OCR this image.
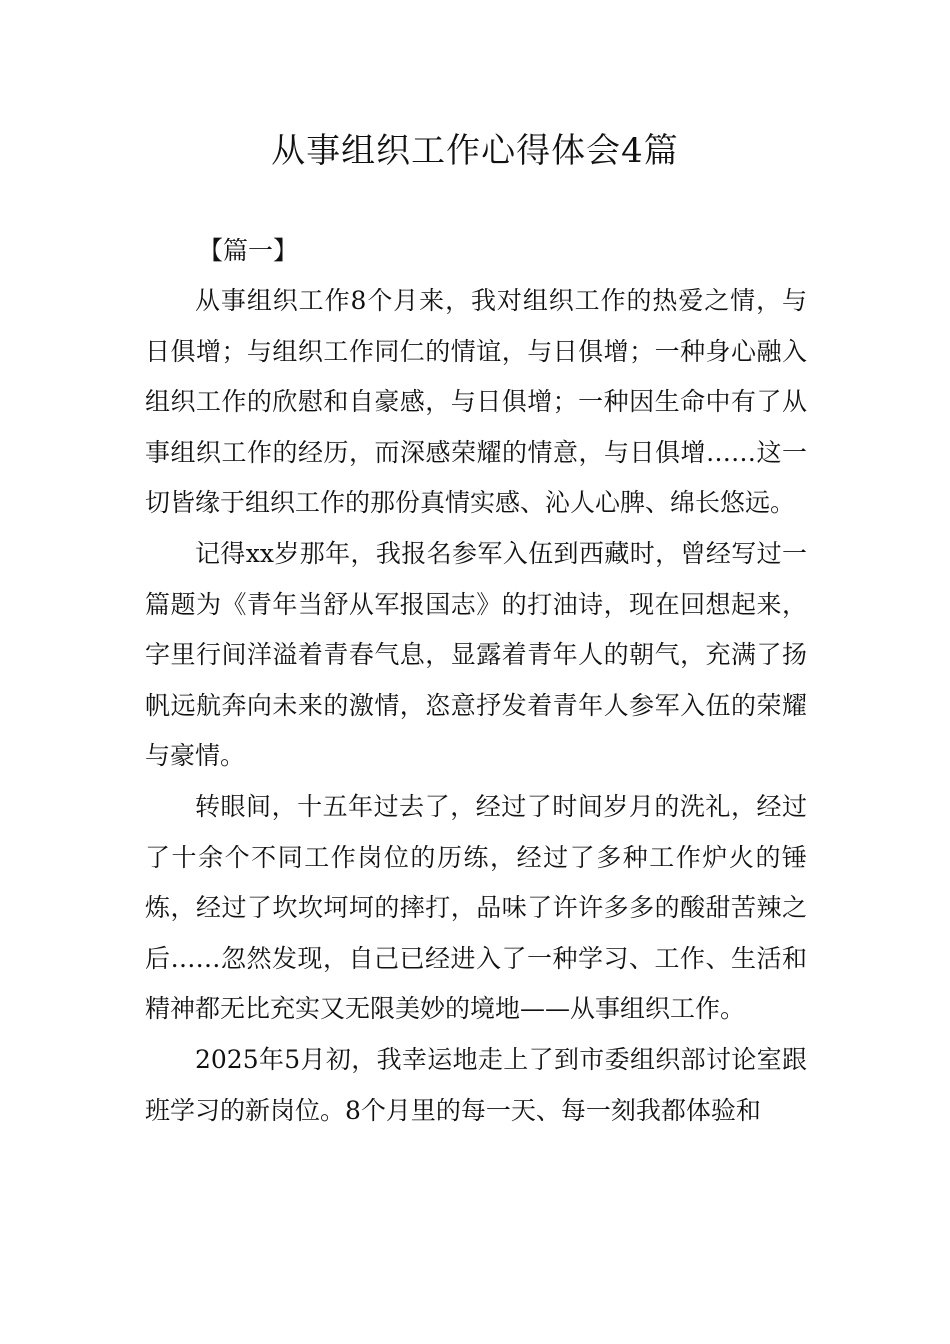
从事组织工作心得体会4篇

【篇一】

从事组织工作8个月来，我对组织工作的热爱之情，与日俱增；与组织工作同仁的情谊，与日俱增；一种身心融入组织工作的欣慰和自豪感，与日俱增；一种因生命中有了从事组织工作的经历，而深感荣耀的情意，与日俱增……这一切皆缘于组织工作的那份真情实感、沁人心脾、绵长悠远。

记得xx岁那年，我报名参军入伍到西藏时，曾经写过一篇题为《青年当舒从军报国志》的打油诗，现在回想起来，字里行间洋溢着青春气息，显露着青年人的朝气，充满了扬帆远航奔向未来的激情，恣意抒发着青年人参军入伍的荣耀与豪情。

转眼间，十五年过去了，经过了时间岁月的洗礼，经过了十余个不同工作岗位的历练，经过了多种工作炉火的锤炼，经过了坎坎坷坷的摔打，品味了许许多多的酸甜苦辣之后……忽然发现，自己已经进入了一种学习、工作、生活和精神都无比充实又无限美妙的境地——从事组织工作。

2025年5月初，我幸运地走上了到市委组织部讨论室跟班学习的新岗位。8个月里的每一天、每一刻我都体验和
